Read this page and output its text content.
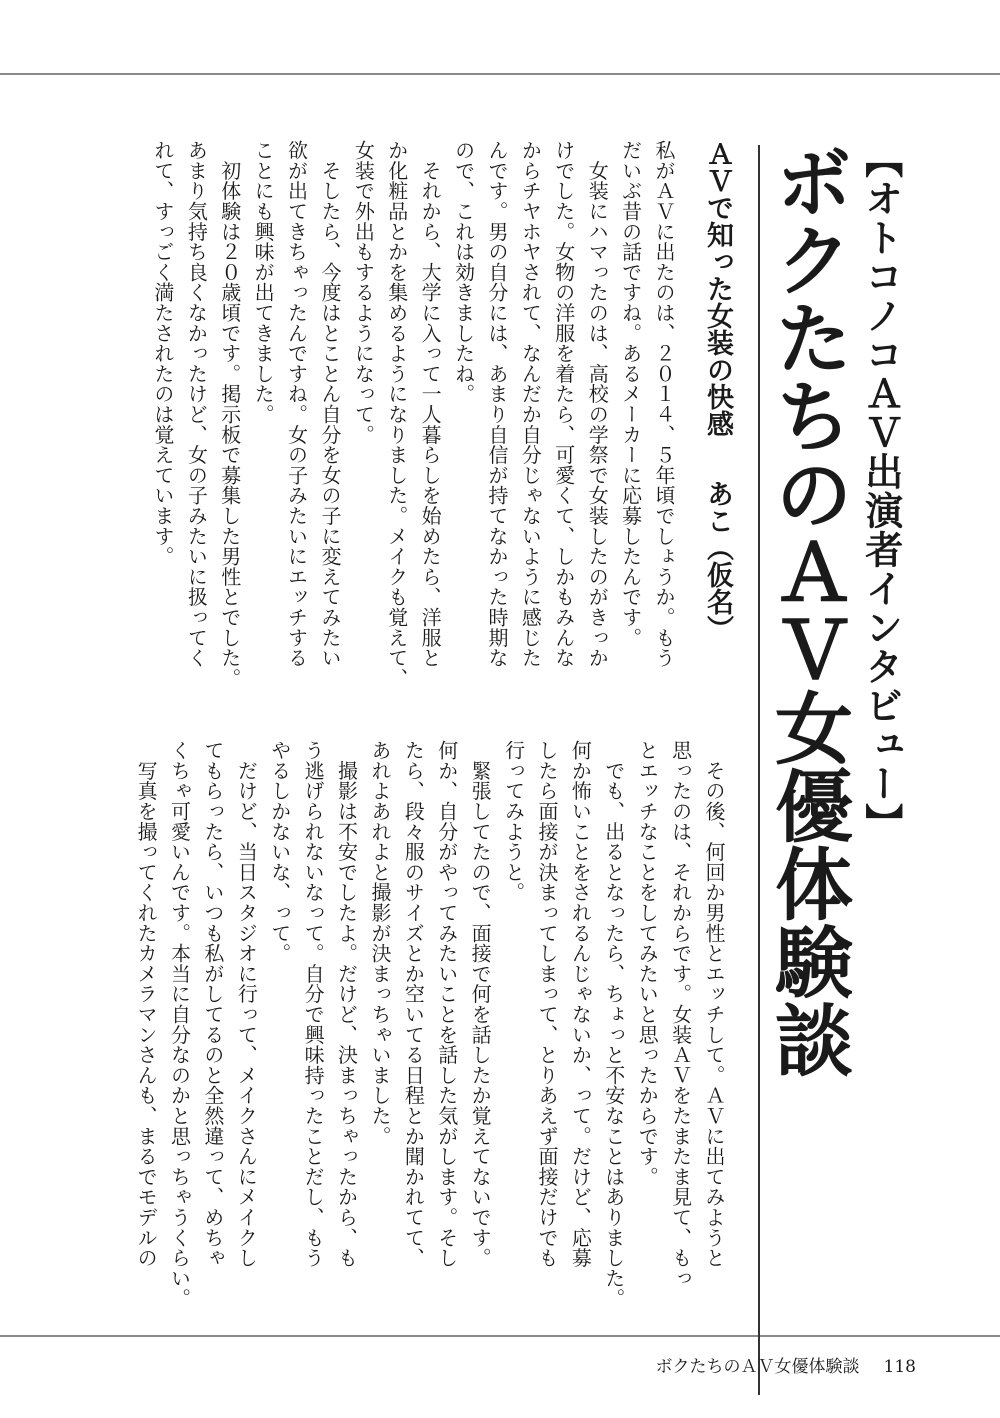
【オトコノコＡＶ出演者インタビュー】
ボクたちのＡＶ女優体験談
ＡＶで知った女装の快感
あこ（仮名）
私がＡＶに出たのは、２０１４、５年頃でしょうか。もう
だいぶ昔の話ですね。あるメーカーに応募したんです。
　女装にハマったのは、高校の学祭で女装したのがきっか
けでした。女物の洋服を着たら、可愛くて、しかもみんな
からチヤホヤされて、なんだか自分じゃないように感じた
んです。男の自分には、あまり自信が持てなかった時期な
ので、これは効きましたね。
　それから、大学に入って一人暮らしを始めたら、洋服と
か化粧品とかを集めるようになりました。メイクも覚えて、
女装で外出もするようになって。
　そしたら、今度はとことん自分を女の子に変えてみたい
欲が出てきちゃったんですね。女の子みたいにエッチする
ことにも興味が出てきました。
　初体験は２０歳頃です。掲示板で募集した男性とでした。
あまり気持ち良くなかったけど、女の子みたいに扱ってく
れて、すっごく満たされたのは覚えています。
　その後、何回か男性とエッチして。ＡＶに出てみようと
思ったのは、それからです。女装ＡＶをたまたま見て、もっ
とエッチなことをしてみたいと思ったからです。
　でも、出るとなったら、ちょっと不安なことはありました。
何か怖いことをされるんじゃないか、って。だけど、応募
したら面接が決まってしまって、とりあえず面接だけでも
行ってみようと。
　緊張してたので、面接で何を話したか覚えてないです。
何か、自分がやってみたいことを話した気がします。そし
たら、段々服のサイズとか空いてる日程とか聞かれてて、
あれよあれよと撮影が決まっちゃいました。
　撮影は不安でしたよ。だけど、決まっちゃったから、も
う逃げられないなって。自分で興味持ったことだし、もう
やるしかないな、って。
　だけど、当日スタジオに行って、メイクさんにメイクし
てもらったら、いつも私がしてるのと全然違って、めちゃ
くちゃ可愛いんです。本当に自分なのかと思っちゃうくらい。
　写真を撮ってくれたカメラマンさんも、まるでモデルの
ボクたちのＡＶ女優体験談 118
